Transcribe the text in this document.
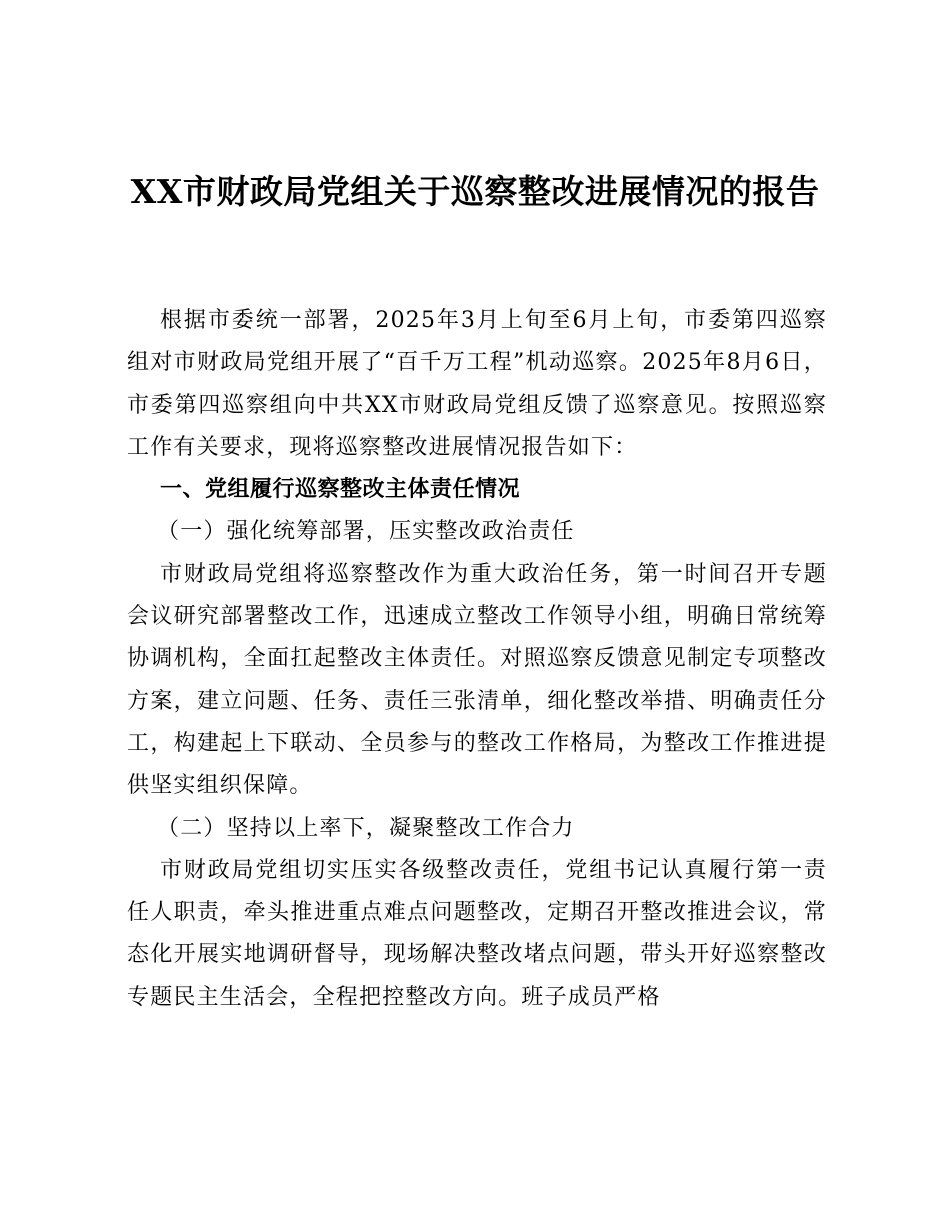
XX市财政局党组关于巡察整改进展情况的报告

根据市委统一部署，2025年3月上旬至6月上旬，市委第四巡察组对市财政局党组开展了“百千万工程”机动巡察。2025年8月6日，市委第四巡察组向中共XX市财政局党组反馈了巡察意见。按照巡察工作有关要求，现将巡察整改进展情况报告如下：

一、党组履行巡察整改主体责任情况

（一）强化统筹部署，压实整改政治责任

市财政局党组将巡察整改作为重大政治任务，第一时间召开专题会议研究部署整改工作，迅速成立整改工作领导小组，明确日常统筹协调机构，全面扛起整改主体责任。对照巡察反馈意见制定专项整改方案，建立问题、任务、责任三张清单，细化整改举措、明确责任分工，构建起上下联动、全员参与的整改工作格局，为整改工作推进提供坚实组织保障。

（二）坚持以上率下，凝聚整改工作合力

市财政局党组切实压实各级整改责任，党组书记认真履行第一责任人职责，牵头推进重点难点问题整改，定期召开整改推进会议，常态化开展实地调研督导，现场解决整改堵点问题，带头开好巡察整改专题民主生活会，全程把控整改方向。班子成员严格
